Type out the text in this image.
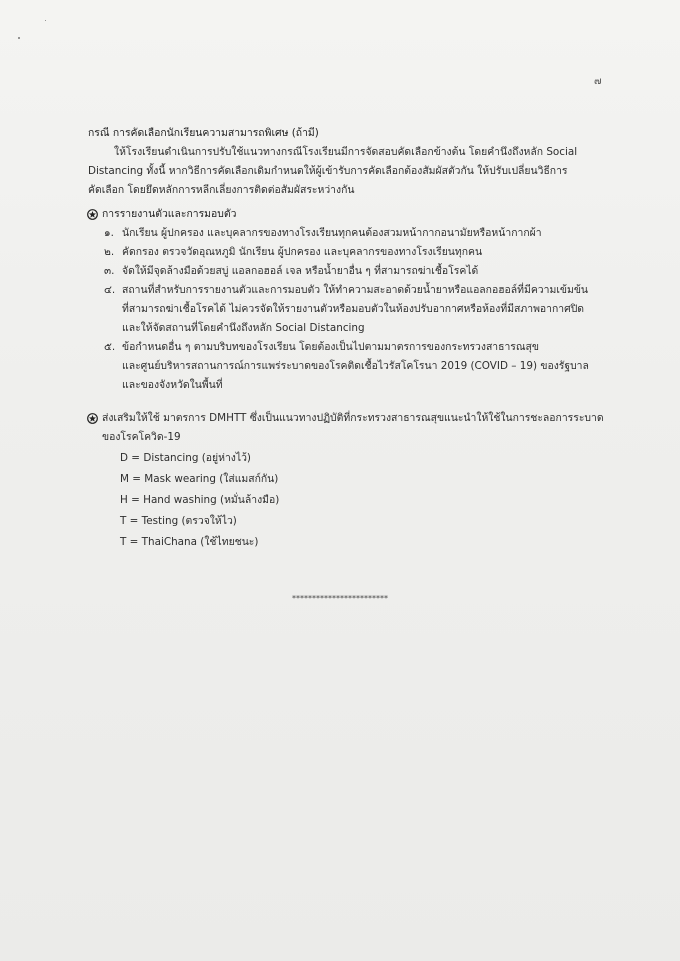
๗
กรณี การคัดเลือกนักเรียนความสามารถพิเศษ (ถ้ามี)
ให้โรงเรียนดำเนินการปรับใช้แนวทางกรณีโรงเรียนมีการจัดสอบคัดเลือกข้างต้น โดยคำนึงถึงหลัก Social
Distancing ทั้งนี้ หากวิธีการคัดเลือกเดิมกำหนดให้ผู้เข้ารับการคัดเลือกต้องสัมผัสตัวกัน ให้ปรับเปลี่ยนวิธีการ
คัดเลือก โดยยึดหลักการหลีกเลี่ยงการติดต่อสัมผัสระหว่างกัน
การรายงานตัวและการมอบตัว
๑. นักเรียน ผู้ปกครอง และบุคลากรของทางโรงเรียนทุกคนต้องสวมหน้ากากอนามัยหรือหน้ากากผ้า
๒. คัดกรอง ตรวจวัดอุณหภูมิ นักเรียน ผู้ปกครอง และบุคลากรของทางโรงเรียนทุกคน
๓. จัดให้มีจุดล้างมือด้วยสบู่ แอลกอฮอล์ เจล หรือน้ำยาอื่น ๆ ที่สามารถฆ่าเชื้อโรคได้
๔. สถานที่สำหรับการรายงานตัวและการมอบตัว ให้ทำความสะอาดด้วยน้ำยาหรือแอลกอฮอล์ที่มีความเข้มข้น
ที่สามารถฆ่าเชื้อโรคได้ ไม่ควรจัดให้รายงานตัวหรือมอบตัวในห้องปรับอากาศหรือห้องที่มีสภาพอากาศปิด
และให้จัดสถานที่โดยคำนึงถึงหลัก Social Distancing
๕. ข้อกำหนดอื่น ๆ ตามบริบทของโรงเรียน โดยต้องเป็นไปตามมาตรการของกระทรวงสาธารณสุข
และศูนย์บริหารสถานการณ์การแพร่ระบาดของโรคติดเชื้อไวรัสโคโรนา 2019 (COVID – 19) ของรัฐบาล
และของจังหวัดในพื้นที่
ส่งเสริมให้ใช้ มาตรการ DMHTT ซึ่งเป็นแนวทางปฏิบัติที่กระทรวงสาธารณสุขแนะนำให้ใช้ในการชะลอการระบาด
ของโรคโควิด-19
D = Distancing (อยู่ห่างไว้)
M = Mask wearing (ใส่แมสก์กัน)
H = Hand washing (หมั่นล้างมือ)
T = Testing (ตรวจให้ไว)
T = ThaiChana (ใช้ไทยชนะ)
************************
